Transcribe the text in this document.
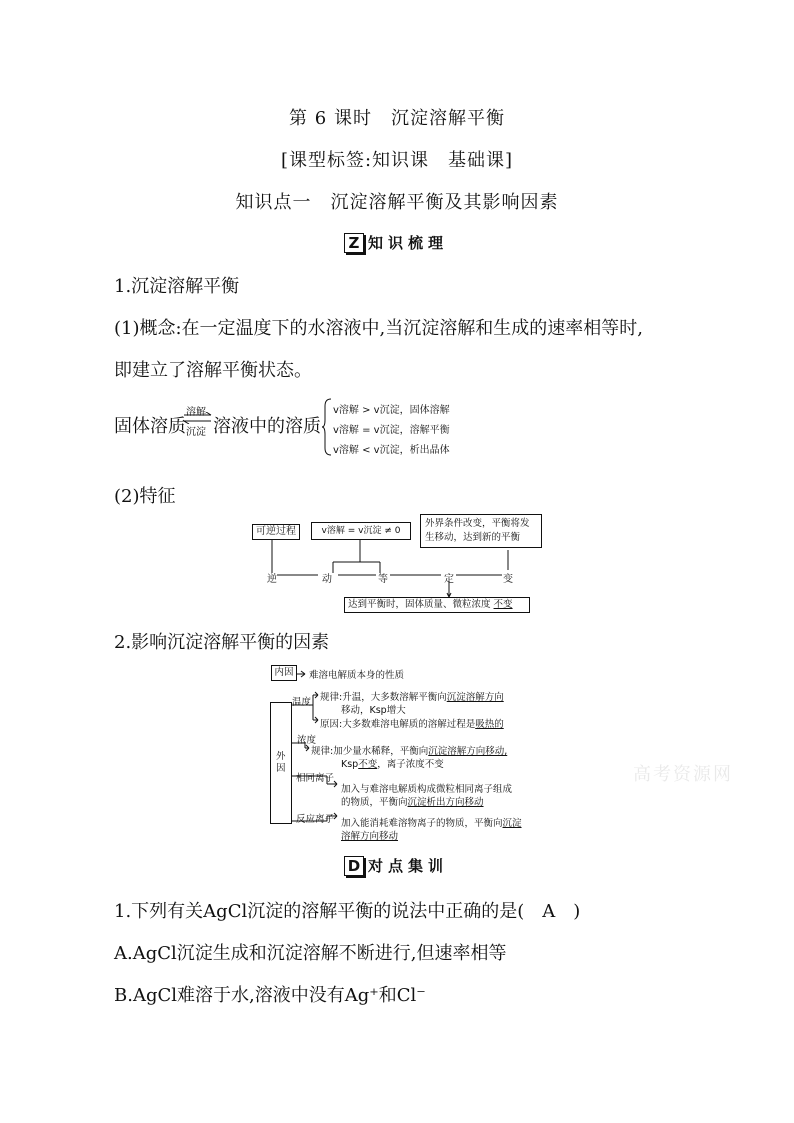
第 6 课时　沉淀溶解平衡
[课型标签:知识课　基础课]
知识点一　沉淀溶解平衡及其影响因素
Z 知识梳理
1.沉淀溶解平衡
(1)概念:在一定温度下的水溶液中,当沉淀溶解和生成的速率相等时,
即建立了溶解平衡状态。
固体溶质
溶解
沉淀 ⇌ 溶液中的溶质
v溶解 > v沉淀，固体溶解
v溶解 = v沉淀，溶解平衡
v溶解 < v沉淀，析出晶体
(2)特征
可逆过程	v溶解 = v沉淀 ≠ 0
外界条件改变，平衡将发
生移动，达到新的平衡
达到平衡时，固体质量、微粒浓度 不变
逆	动	等	定	变
2.影响沉淀溶解平衡的因素
内因	难溶电解质本身的性质
外因
温度 规律:升温，大多数溶解平衡向沉淀溶解方向
移动，Ksp增大
原因:大多数难溶电解质的溶解过程是吸热的
浓度
规律:加少量水稀释，平衡向沉淀溶解方向移动,
Ksp不变，离子浓度不变
相同离子
加入与难溶电解质构成微粒相同离子组成
的物质，平衡向沉淀析出方向移动
反应离子 加入能消耗难溶物离子的物质，平衡向沉淀
溶解方向移动
D 对点集训
1.下列有关AgCl沉淀的溶解平衡的说法中正确的是(　A　)
A.AgCl沉淀生成和沉淀溶解不断进行,但速率相等
B.AgCl难溶于水,溶液中没有Ag⁺和Cl⁻
高考资源网
